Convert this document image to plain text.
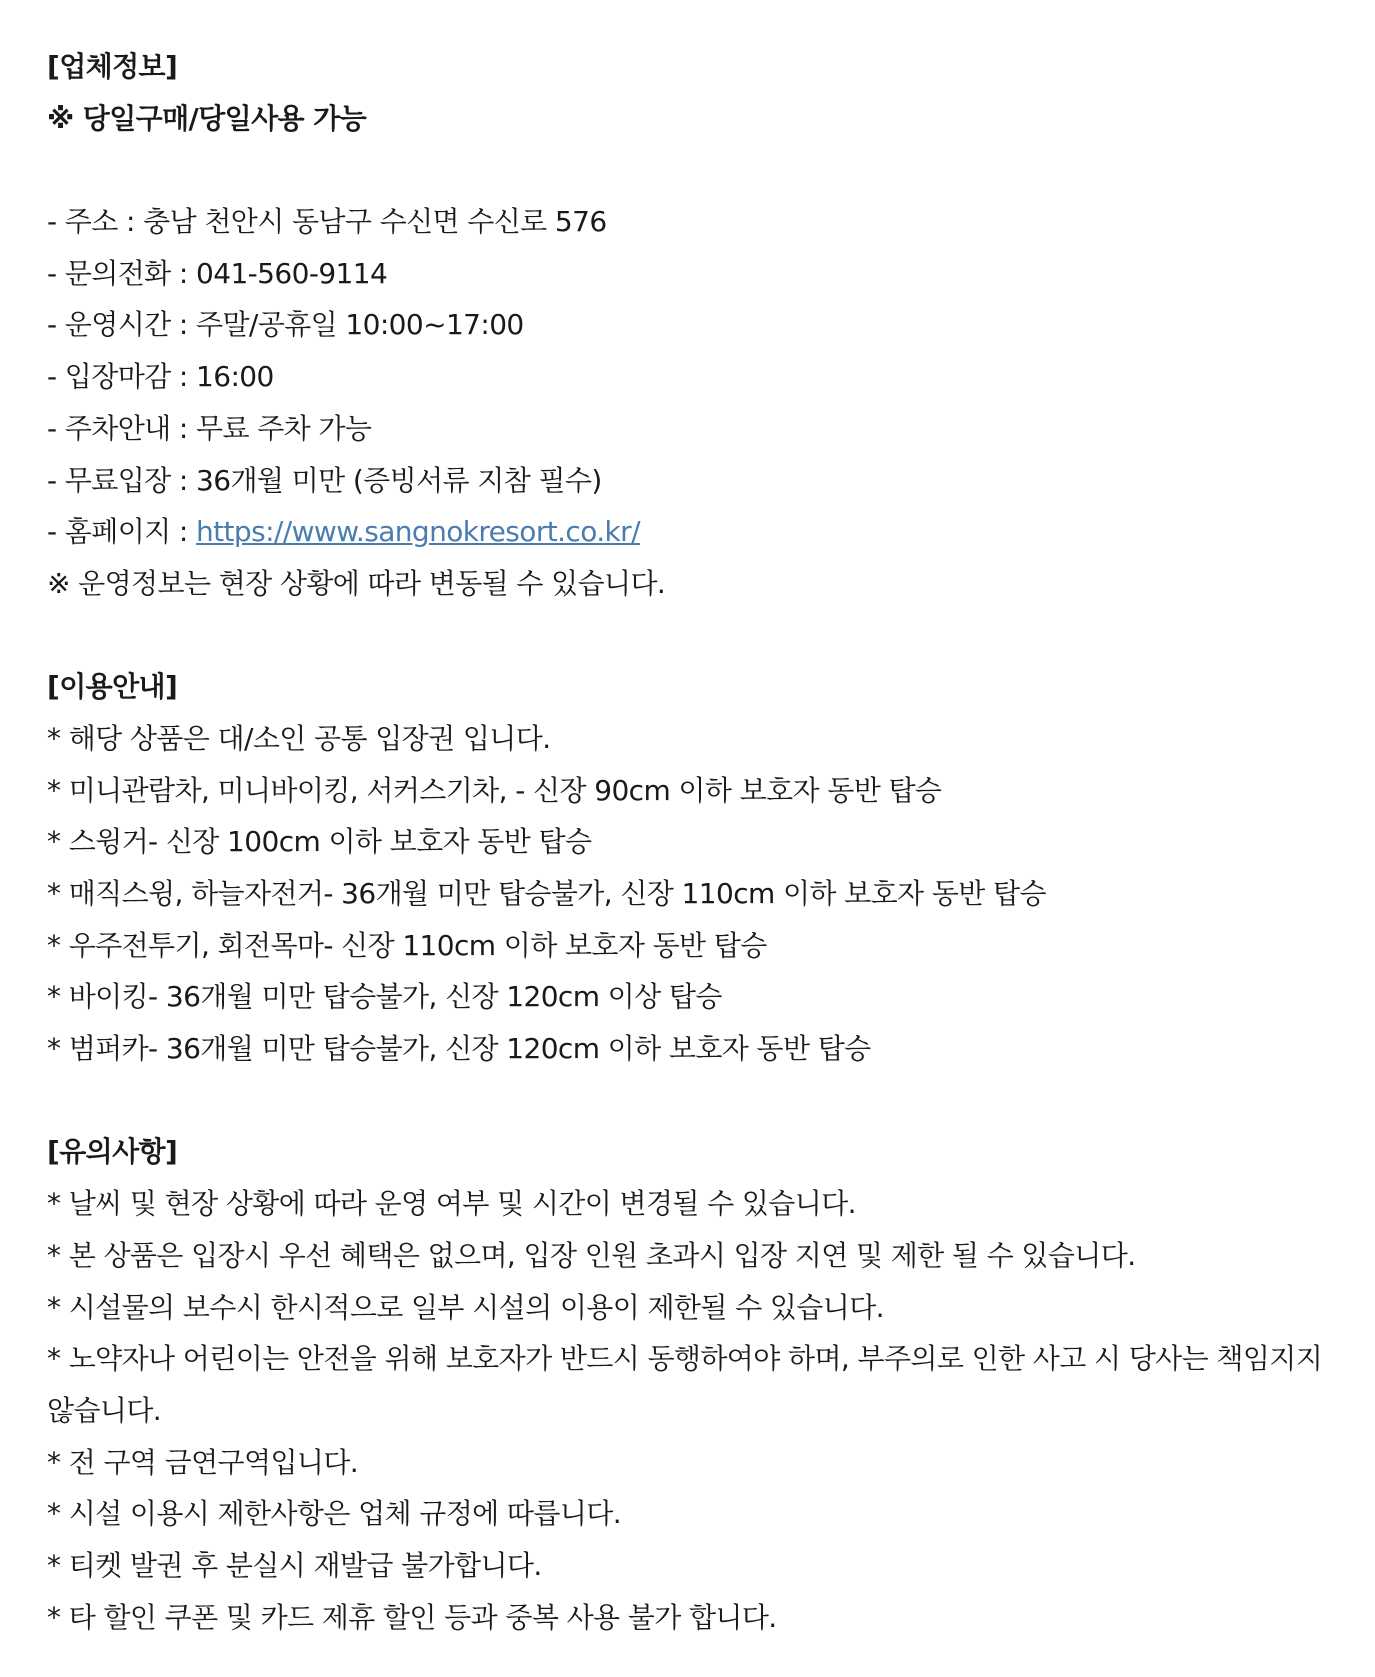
[업체정보]
※ 당일구매/당일사용 가능
- 주소 : 충남 천안시 동남구 수신면 수신로 576
- 문의전화 : 041-560-9114
- 운영시간 : 주말/공휴일 10:00~17:00
- 입장마감 : 16:00
- 주차안내 : 무료 주차 가능
- 무료입장 : 36개월 미만 (증빙서류 지참 필수)
- 홈페이지 : https://www.sangnokresort.co.kr/
※ 운영정보는 현장 상황에 따라 변동될 수 있습니다.
[이용안내]
* 해당 상품은 대/소인 공통 입장권 입니다.
* 미니관람차, 미니바이킹, 서커스기차, - 신장 90cm 이하 보호자 동반 탑승
* 스윙거- 신장 100cm 이하 보호자 동반 탑승
* 매직스윙, 하늘자전거- 36개월 미만 탑승불가, 신장 110cm 이하 보호자 동반 탑승
* 우주전투기, 회전목마- 신장 110cm 이하 보호자 동반 탑승
* 바이킹- 36개월 미만 탑승불가, 신장 120cm 이상 탑승
* 범퍼카- 36개월 미만 탑승불가, 신장 120cm 이하 보호자 동반 탑승
[유의사항]
* 날씨 및 현장 상황에 따라 운영 여부 및 시간이 변경될 수 있습니다.
* 본 상품은 입장시 우선 혜택은 없으며, 입장 인원 초과시 입장 지연 및 제한 될 수 있습니다.
* 시설물의 보수시 한시적으로 일부 시설의 이용이 제한될 수 있습니다.
* 노약자나 어린이는 안전을 위해 보호자가 반드시 동행하여야 하며, 부주의로 인한 사고 시 당사는 책임지지 않습니다.
* 전 구역 금연구역입니다.
* 시설 이용시 제한사항은 업체 규정에 따릅니다.
* 티켓 발권 후 분실시 재발급 불가합니다.
* 타 할인 쿠폰 및 카드 제휴 할인 등과 중복 사용 불가 합니다.
